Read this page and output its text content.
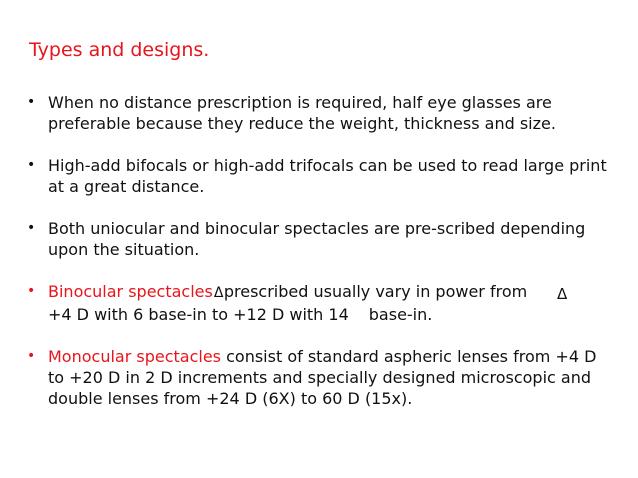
Types and designs.
• When no distance prescription is required, half eye glasses are preferable because they reduce the weight, thickness and size.
• High-add bifocals or high-add trifocals can be used to read large print at a great distance.
• Both uniocular and binocular spectacles are pre-scribed depending upon the situation.
• Binocular spectaclesΔprescribed usually vary in power from
+4 D with 6 base-in to +12 D with 14 base-in.
• Monocular spectacles consist of standard aspheric lenses from +4 D to +20 D in 2 D increments and specially designed microscopic and double lenses from +24 D (6X) to 60 D (15x).
Δ
